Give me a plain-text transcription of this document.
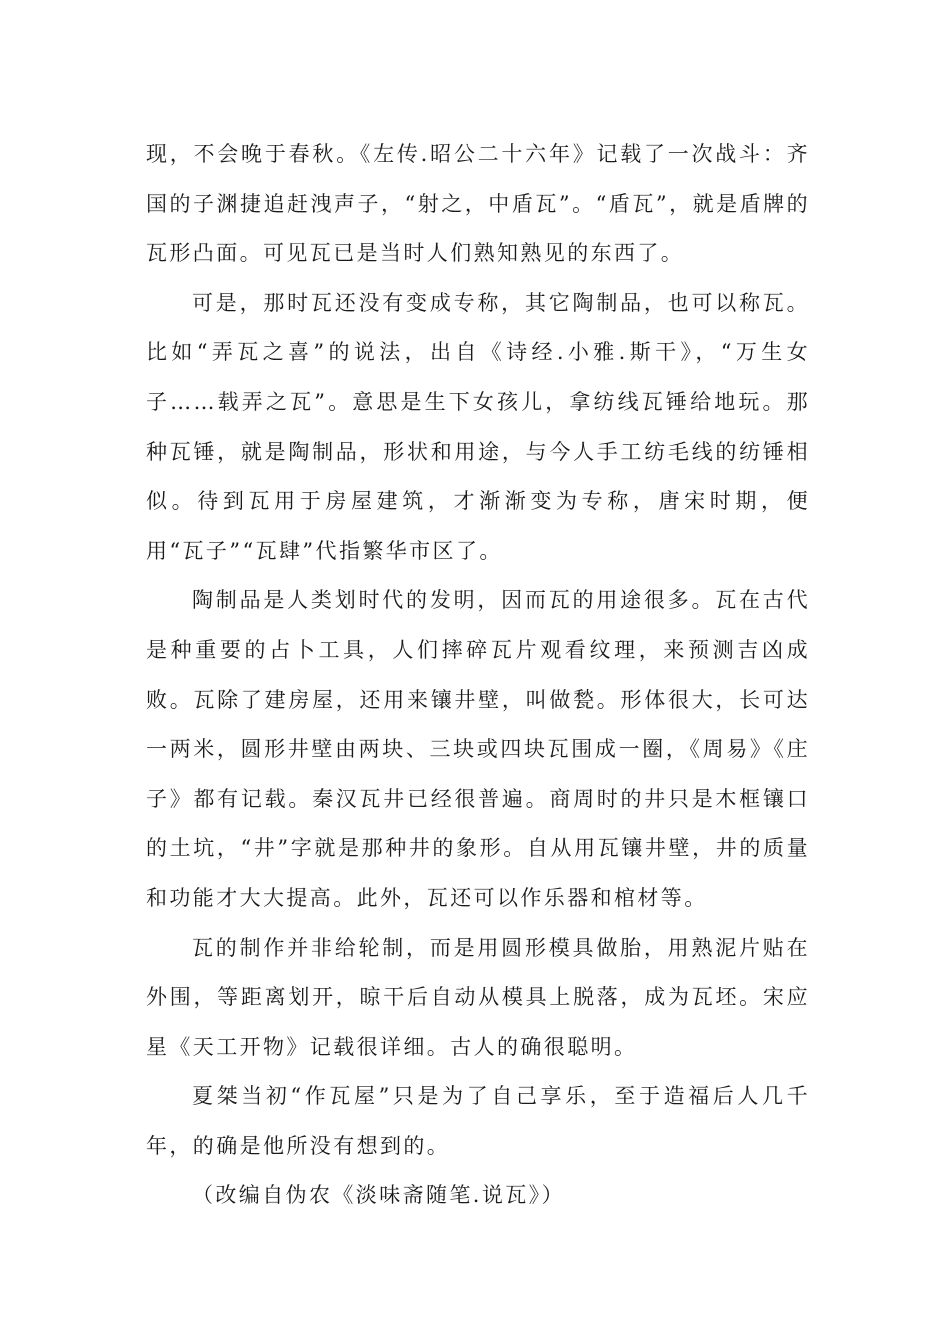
现，不会晚于春秋。《左传.昭公二十六年》记载了一次战斗：齐国的子渊捷追赶洩声子，“射之，中盾瓦”。“盾瓦”，就是盾牌的瓦形凸面。可见瓦已是当时人们熟知熟见的东西了。

可是，那时瓦还没有变成专称，其它陶制品，也可以称瓦。比如“弄瓦之喜”的说法，出自《诗经.小雅.斯干》，“万生女子……载弄之瓦”。意思是生下女孩儿，拿纺线瓦锤给地玩。那种瓦锤，就是陶制品，形状和用途，与今人手工纺毛线的纺锤相似。待到瓦用于房屋建筑，才渐渐变为专称，唐宋时期，便用“瓦子”“瓦肆”代指繁华市区了。

陶制品是人类划时代的发明，因而瓦的用途很多。瓦在古代是种重要的占卜工具，人们摔碎瓦片观看纹理，来预测吉凶成败。瓦除了建房屋，还用来镶井壁，叫做甃。形体很大，长可达一两米，圆形井壁由两块、三块或四块瓦围成一圈，《周易》《庄子》都有记载。秦汉瓦井已经很普遍。商周时的井只是木框镶口的土坑，“井”字就是那种井的象形。自从用瓦镶井壁，井的质量和功能才大大提高。此外，瓦还可以作乐器和棺材等。

瓦的制作并非给轮制，而是用圆形模具做胎，用熟泥片贴在外围，等距离划开，晾干后自动从模具上脱落，成为瓦坯。宋应星《天工开物》记载很详细。古人的确很聪明。

夏桀当初“作瓦屋”只是为了自己享乐，至于造福后人几千年，的确是他所没有想到的。

（改编自伪农《淡味斋随笔.说瓦》）
